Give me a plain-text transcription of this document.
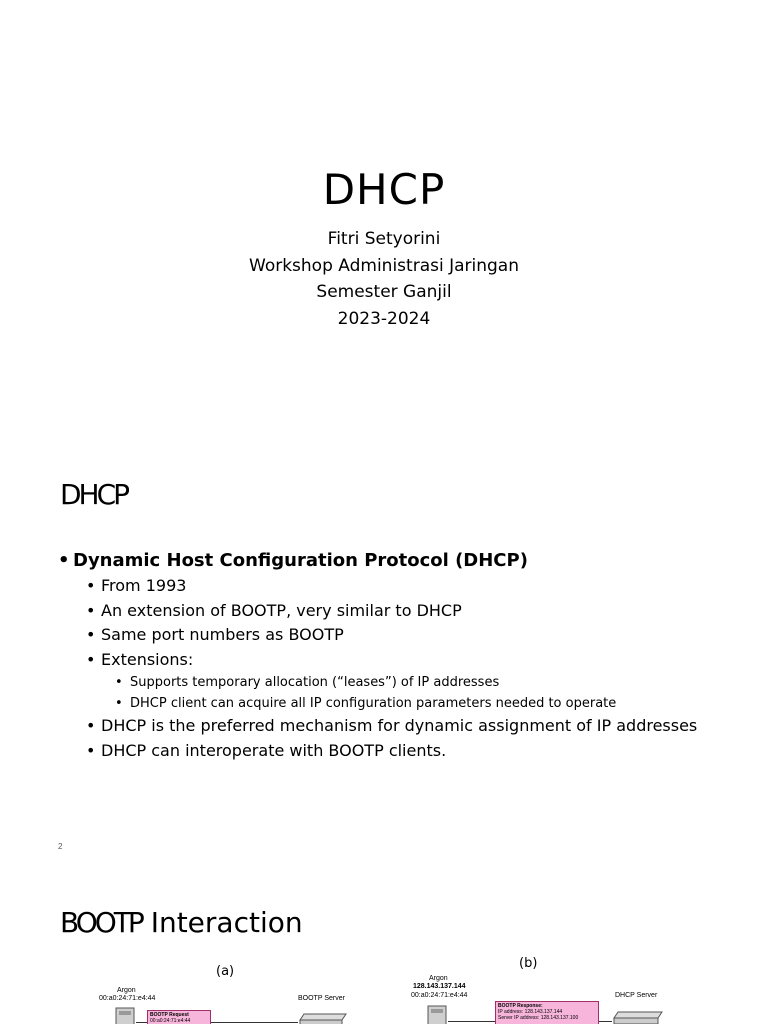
DHCP
Fitri Setyorini
Workshop Administrasi Jaringan
Semester Ganjil
2023-2024
DHCP
• Dynamic Host Configuration Protocol (DHCP)
• From 1993
• An extension of BOOTP, very similar to DHCP
• Same port numbers as BOOTP
• Extensions:
• Supports temporary allocation (“leases”) of IP addresses
• DHCP client can acquire all IP configuration parameters needed to operate
• DHCP is the preferred mechanism for dynamic assignment of IP addresses
• DHCP can interoperate with BOOTP clients.
2
BOOTP Interaction
(a)
Argon
00:a0:24:71:e4:44	BOOTP Server
BOOTP Request
00:a0:24:71:e4:44
(b)
Argon
128.143.137.144
00:a0:24:71:e4:44	DHCP Server
BOOTP Response:
IP address: 128.143.137.144
Server IP address: 128.143.137.100
